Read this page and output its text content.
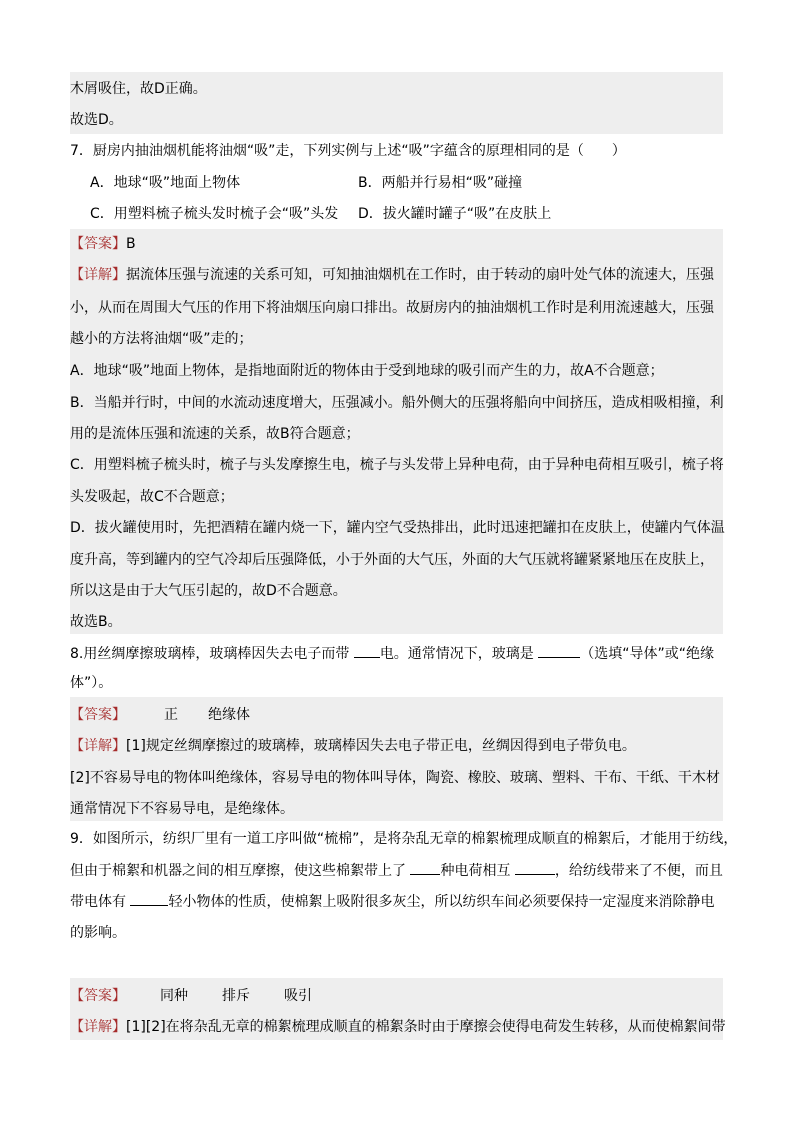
木屑吸住，故D正确。
故选D。
7．厨房内抽油烟机能将油烟“吸”走，下列实例与上述“吸”字蕴含的原理相同的是（　　）
A．地球“吸”地面上物体	B．两船并行易相“吸”碰撞
C．用塑料梳子梳头发时梳子会“吸”头发 D．拔火罐时罐子“吸”在皮肤上
【答案】B
【详解】据流体压强与流速的关系可知，可知抽油烟机在工作时，由于转动的扇叶处气体的流速大，压强
小，从而在周围大气压的作用下将油烟压向扇口排出。故厨房内的抽油烟机工作时是利用流速越大，压强
越小的方法将油烟“吸”走的；
A．地球“吸”地面上物体，是指地面附近的物体由于受到地球的吸引而产生的力，故A不合题意；
B．当船并行时，中间的水流动速度增大，压强减小。船外侧大的压强将船向中间挤压，造成相吸相撞，利
用的是流体压强和流速的关系，故B符合题意；
C．用塑料梳子梳头时，梳子与头发摩擦生电，梳子与头发带上异种电荷，由于异种电荷相互吸引，梳子将
头发吸起，故C不合题意；
D．拔火罐使用时，先把酒精在罐内烧一下，罐内空气受热排出，此时迅速把罐扣在皮肤上，使罐内气体温
度升高，等到罐内的空气冷却后压强降低，小于外面的大气压，外面的大气压就将罐紧紧地压在皮肤上，
所以这是由于大气压引起的，故D不合题意。
故选B。
8.用丝绸摩擦玻璃棒，玻璃棒因失去电子而带 电。通常情况下，玻璃是	（选填“导体”或“绝缘
体”）。
【答案】	正 绝缘体
【详解】[1]规定丝绸摩擦过的玻璃棒，玻璃棒因失去电子带正电，丝绸因得到电子带负电。
[2]不容易导电的物体叫绝缘体，容易导电的物体叫导体，陶瓷、橡胶、玻璃、塑料、干布、干纸、干木材
通常情况下不容易导电，是绝缘体。
9．如图所示，纺织厂里有一道工序叫做“梳棉”，是将杂乱无章的棉絮梳理成顺直的棉絮后，才能用于纺线，
但由于棉絮和机器之间的相互摩擦，使这些棉絮带上了 种电荷相互	，给纺线带来了不便，而且
带电体有	轻小物体的性质，使棉絮上吸附很多灰尘，所以纺织车间必须要保持一定湿度来消除静电
的影响。
【答案】 同种 排斥 吸引
【详解】[1][2]在将杂乱无章的棉絮梳理成顺直的棉絮条时由于摩擦会使得电荷发生转移，从而使棉絮间带
